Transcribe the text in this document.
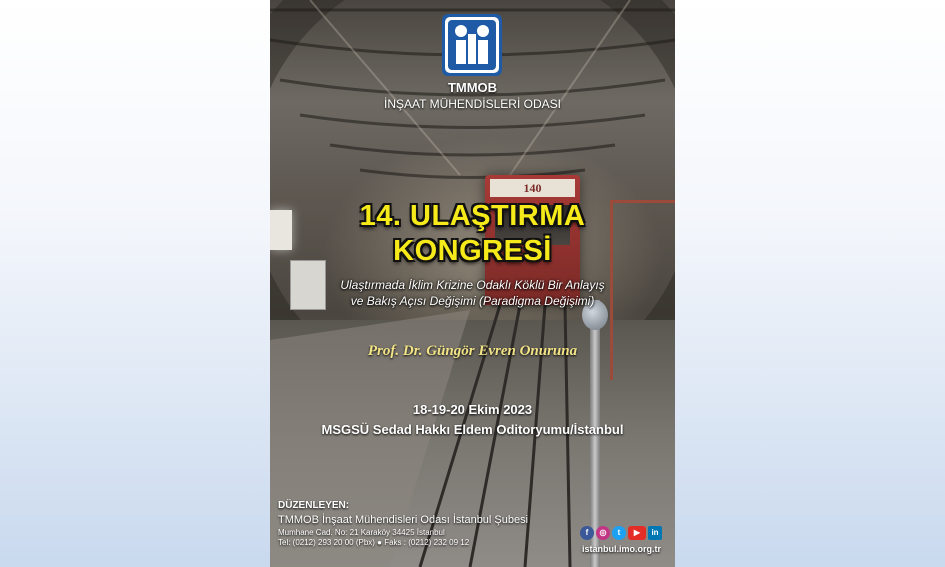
140
TMMOB
İNŞAAT MÜHENDİSLERİ ODASI
14. ULAŞTIRMA
KONGRESİ
Ulaştırmada İklim Krizine Odaklı Köklü Bir Anlayış
ve Bakış Açısı Değişimi (Paradigma Değişimi)
Prof. Dr. Güngör Evren Onuruna
18-19-20 Ekim 2023
MSGSÜ Sedad Hakkı Eldem Oditoryumu/İstanbul
DÜZENLEYEN:
TMMOB İnşaat Mühendisleri Odası İstanbul Şubesi
Mumhane Cad. No: 21 Karaköy 34425 İstanbul
Tel: (0212) 293 20 00 (Pbx) ● Faks : (0212) 232 09 12
f	◎	t	▶	in
istanbul.imo.org.tr
